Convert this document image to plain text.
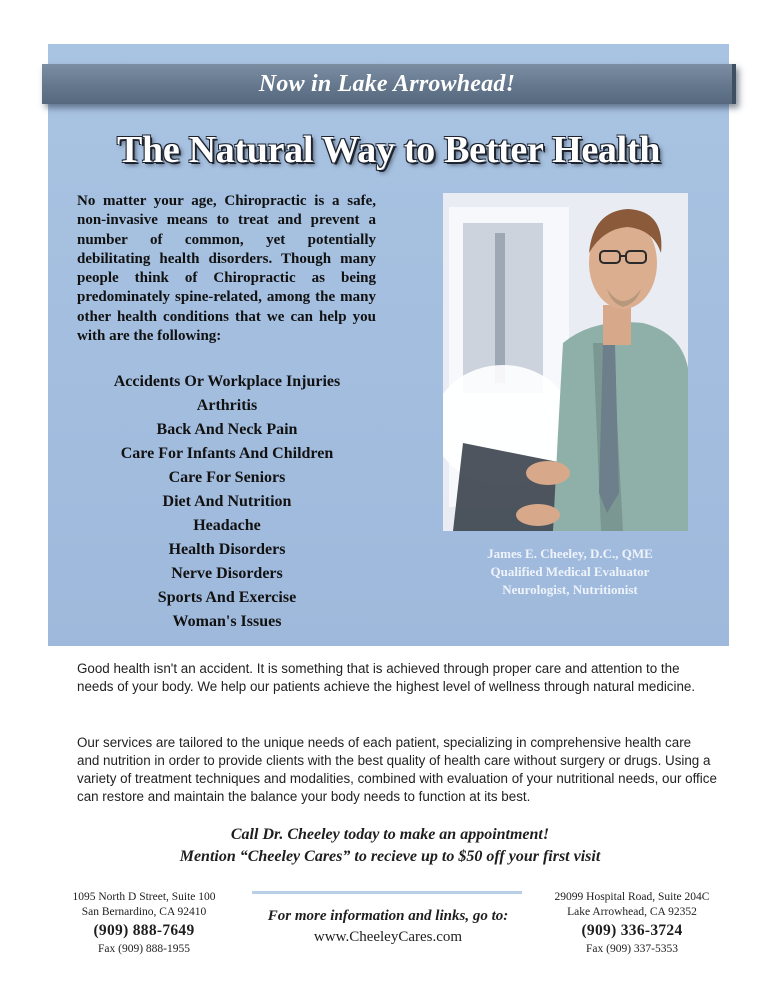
Now in Lake Arrowhead!
The Natural Way to Better Health

No matter your age, Chiropractic is a safe, non-invasive means to treat and prevent a number of common, yet potentially debilitating health disorders. Though many people think of Chiropractic as being predominately spine-related, among the many other health conditions that we can help you with are the following:

Accidents Or Workplace Injuries
Arthritis
Back And Neck Pain
Care For Infants And Children
Care For Seniors
Diet And Nutrition
Headache
Health Disorders
Nerve Disorders
Sports And Exercise
Woman's Issues
James E. Cheeley, D.C., QME
Qualified Medical Evaluator
Neurologist, Nutritionist

Good health isn't an accident. It is something that is achieved through proper care and attention to the needs of your body. We help our patients achieve the highest level of wellness through natural medicine.

Our services are tailored to the unique needs of each patient, specializing in comprehensive health care and nutrition in order to provide clients with the best quality of health care without surgery or drugs. Using a variety of treatment techniques and modalities, combined with evaluation of your nutritional needs, our office can restore and maintain the balance your body needs to function at its best.

Call Dr. Cheeley today to make an appointment!
Mention “Cheeley Cares” to recieve up to $50 off your first visit
1095 North D Street, Suite 100
San Bernardino, CA 92410
(909) 888-7649
Fax (909) 888-1955
For more information and links, go to:
www.CheeleyCares.com
29099 Hospital Road, Suite 204C
Lake Arrowhead, CA 92352
(909) 336-3724
Fax (909) 337-5353
